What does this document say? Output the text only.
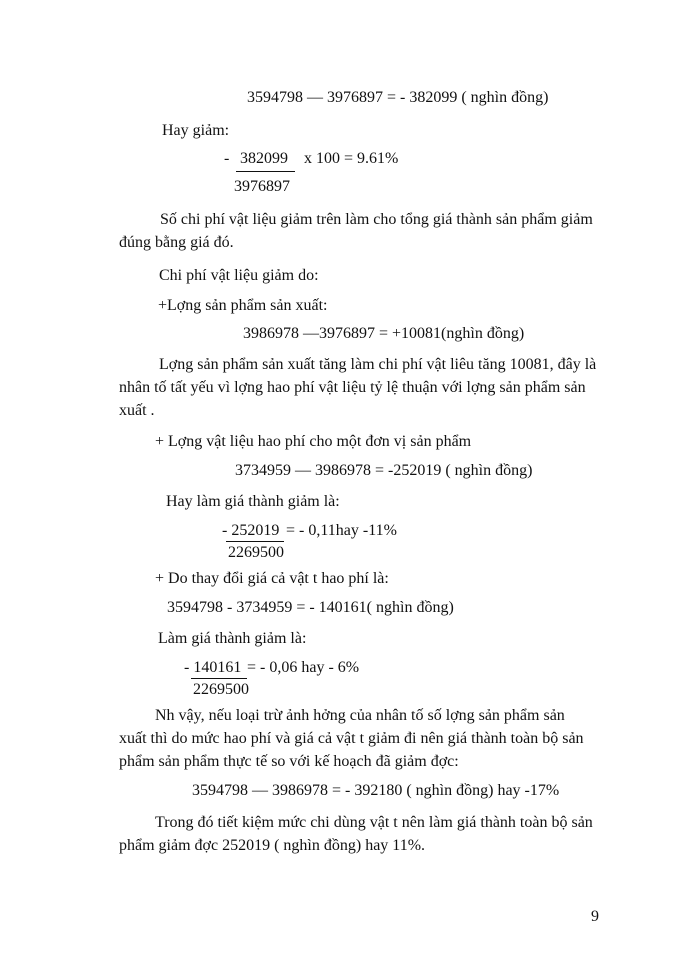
3594798 — 3976897 = - 382099 ( nghìn đồng)
Hay giảm:
- 382099 x 100 = 9.61%
3976897
Số chi phí vật liệu giảm trên làm cho tổng giá thành sản phẩm giảm
đúng bằng giá đó.
Chi phí vật liệu giảm do:
+Lợng sản phẩm sản xuất:
3986978 —3976897 = +10081(nghìn đồng)
Lợng sản phẩm sản xuất tăng làm chi phí vật liêu tăng 10081, đây là
nhân tố tất yếu vì lợng hao phí vật liệu tỷ lệ thuận với lợng sản phẩm sản
xuất .
+ Lợng vật liệu hao phí cho một đơn vị sản phẩm
3734959 — 3986978 = -252019 ( nghìn đồng)
Hay làm giá thành giảm là:
- 252019 = - 0,11hay -11%
2269500
+ Do thay đổi giá cả vật t hao phí là:
3594798 - 3734959 = - 140161( nghìn đồng)
Làm giá thành giảm là:
- 140161 = - 0,06 hay - 6%
2269500
Nh vậy, nếu loại trừ ảnh hởng của nhân tố số lợng sản phẩm sản
xuất thì do mức hao phí và giá cả vật t giảm đi nên giá thành toàn bộ sản
phẩm sản phẩm thực tế so với kế hoạch đã giảm đợc:
3594798 — 3986978 = - 392180 ( nghìn đồng) hay -17%
Trong đó tiết kiệm mức chi dùng vật t nên làm giá thành toàn bộ sản
phẩm giảm đợc 252019 ( nghìn đồng) hay 11%.
9
